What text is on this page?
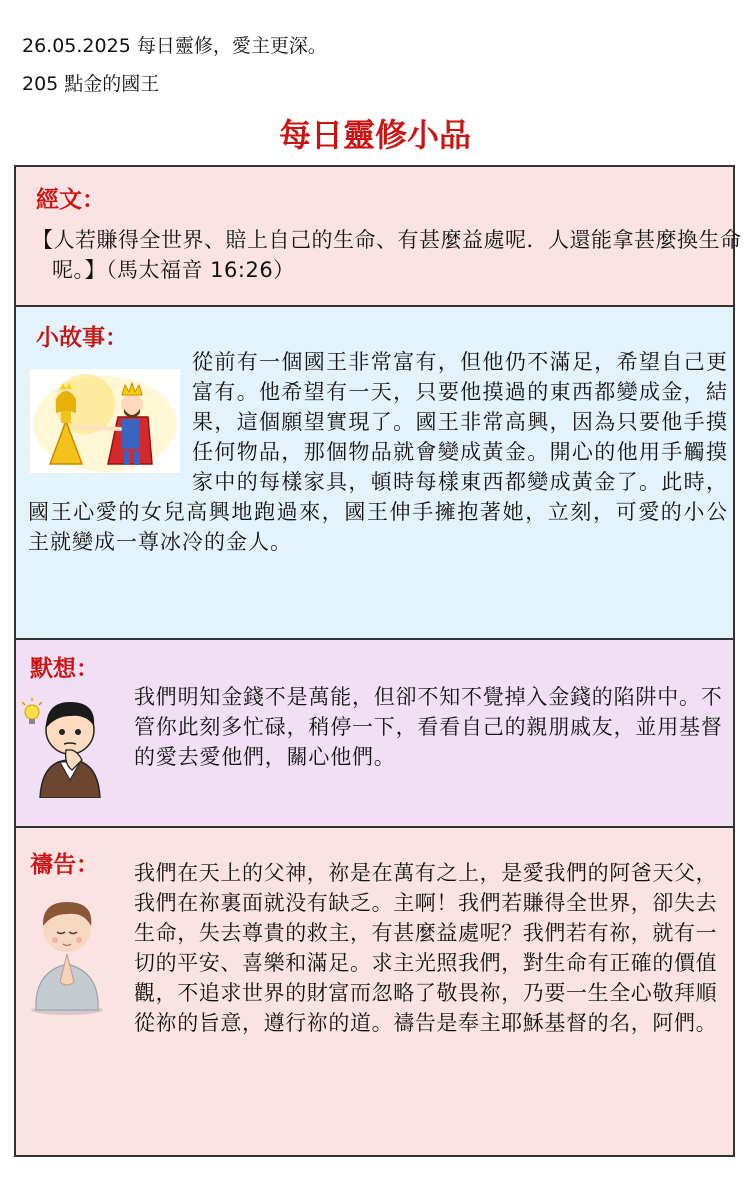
26.05.2025 每日靈修，愛主更深。
205 點金的國王
每日靈修小品
經文：
【人若賺得全世界、賠上自己的生命、有甚麼益處呢．人還能拿甚麼換生命呢。】（馬太福音 16:26）
小故事：
從前有一個國王非常富有，但他仍不滿足，希望自己更富有。他希望有一天，只要他摸過的東西都變成金，結果，這個願望實現了。國王非常高興，因為只要他手摸任何物品，那個物品就會變成黃金。開心的他用手觸摸家中的每樣家具，頓時每樣東西都變成黃金了。此時，國王心愛的女兒高興地跑過來，國王伸手擁抱著她，立刻，可愛的小公主就變成一尊冰冷的金人。
默想：
我們明知金錢不是萬能，但卻不知不覺掉入金錢的陷阱中。不管你此刻多忙碌，稍停一下，看看自己的親朋戚友，並用基督的愛去愛他們，關心他們。
禱告： 我們在天上的父神，祢是在萬有之上，是愛我們的阿爸天父，我們在祢裏面就没有缺乏。主啊！我們若賺得全世界，卻失去生命，失去尊貴的救主，有甚麼益處呢？我們若有祢，就有一切的平安、喜樂和滿足。求主光照我們，對生命有正確的價值觀，不追求世界的財富而忽略了敬畏祢，乃要一生全心敬拜順從祢的旨意，遵行祢的道。禱告是奉主耶穌基督的名，阿們。
